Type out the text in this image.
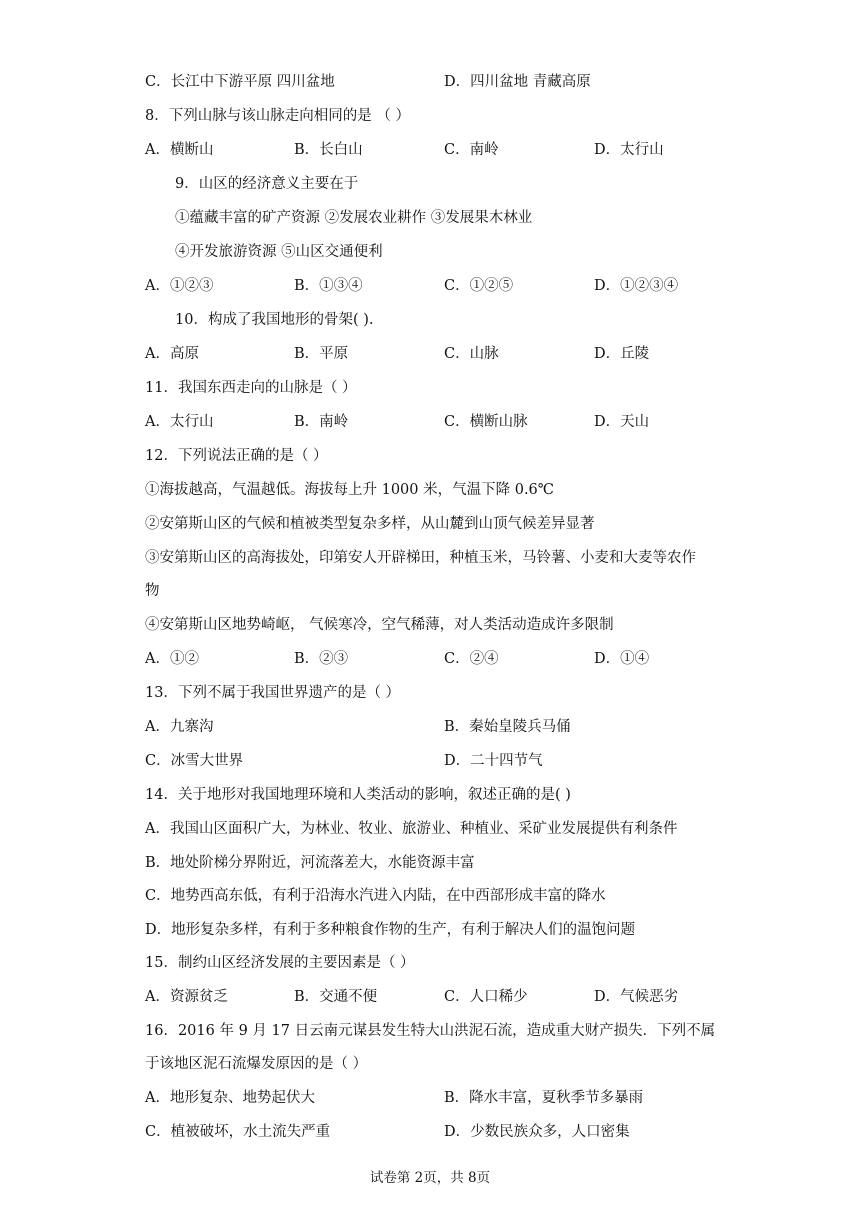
C．长江中下游平原 四川盆地	D．四川盆地 青藏高原
8．下列山脉与该山脉走向相同的是 （ ）
A．横断山	B．长白山	C．南岭	D．太行山
9．山区的经济意义主要在于
①蕴藏丰富的矿产资源 ②发展农业耕作 ③发展果木林业
④开发旅游资源 ⑤山区交通便利
A．①②③	B．①③④	C．①②⑤	D．①②③④
10．构成了我国地形的骨架( ).
A．高原	B．平原	C．山脉	D．丘陵
11．我国东西走向的山脉是（ ）
A．太行山	B．南岭	C．横断山脉	D．天山
12．下列说法正确的是（ ）
①海拔越高，气温越低。海拔每上升 1000 米，气温下降 0.6℃
②安第斯山区的气候和植被类型复杂多样，从山麓到山顶气候差异显著
③安第斯山区的高海拔处，印第安人开辟梯田，种植玉米，马铃薯、小麦和大麦等农作
物
④安第斯山区地势崎岖， 气候寒冷，空气稀薄，对人类活动造成许多限制
A．①②	B．②③	C．②④	D．①④
13．下列不属于我国世界遗产的是（ ）
A．九寨沟	B．秦始皇陵兵马俑
C．冰雪大世界	D．二十四节气
14．关于地形对我国地理环境和人类活动的影响，叙述正确的是( )
A．我国山区面积广大，为林业、牧业、旅游业、种植业、采矿业发展提供有利条件
B．地处阶梯分界附近，河流落差大，水能资源丰富
C．地势西高东低，有利于沿海水汽进入内陆，在中西部形成丰富的降水
D．地形复杂多样，有利于多种粮食作物的生产，有利于解决人们的温饱问题
15．制约山区经济发展的主要因素是（ ）
A．资源贫乏	B．交通不便	C．人口稀少	D．气候恶劣
16．2016 年 9 月 17 日云南元谋县发生特大山洪泥石流，造成重大财产损失．下列不属
于该地区泥石流爆发原因的是（ ）
A．地形复杂、地势起伏大	B．降水丰富，夏秋季节多暴雨
C．植被破坏，水土流失严重	D．少数民族众多，人口密集
试卷第 2页，共 8页
